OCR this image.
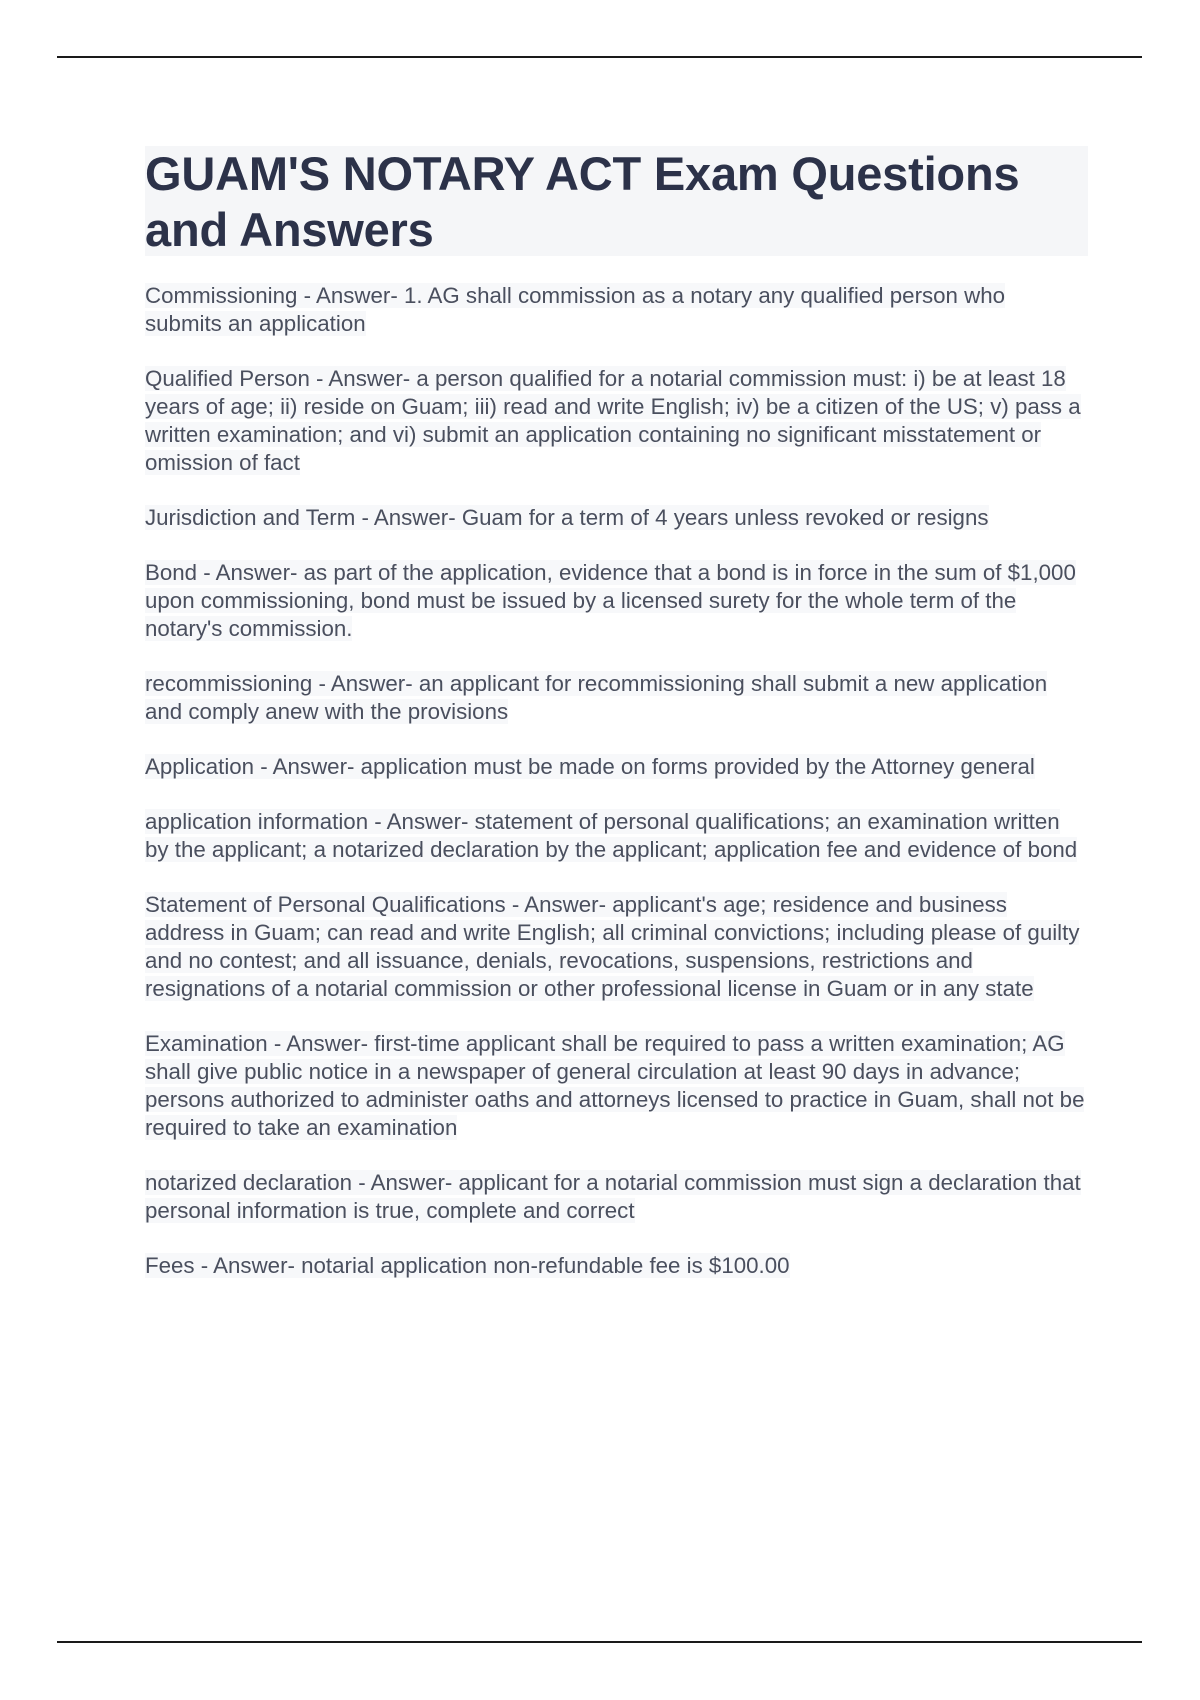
GUAM'S NOTARY ACT Exam Questions and Answers

Commissioning - Answer- 1. AG shall commission as a notary any qualified person who submits an application

Qualified Person - Answer- a person qualified for a notarial commission must: i) be at least 18 years of age; ii) reside on Guam; iii) read and write English; iv) be a citizen of the US; v) pass a written examination; and vi) submit an application containing no significant misstatement or omission of fact

Jurisdiction and Term - Answer- Guam for a term of 4 years unless revoked or resigns

Bond - Answer- as part of the application, evidence that a bond is in force in the sum of $1,000 upon commissioning, bond must be issued by a licensed surety for the whole term of the notary's commission.

recommissioning - Answer- an applicant for recommissioning shall submit a new application and comply anew with the provisions

Application - Answer- application must be made on forms provided by the Attorney general

application information - Answer- statement of personal qualifications; an examination written by the applicant; a notarized declaration by the applicant; application fee and evidence of bond

Statement of Personal Qualifications - Answer- applicant's age; residence and business address in Guam; can read and write English; all criminal convictions; including please of guilty and no contest; and all issuance, denials, revocations, suspensions, restrictions and resignations of a notarial commission or other professional license in Guam or in any state

Examination - Answer- first-time applicant shall be required to pass a written examination; AG shall give public notice in a newspaper of general circulation at least 90 days in advance; persons authorized to administer oaths and attorneys licensed to practice in Guam, shall not be required to take an examination

notarized declaration - Answer- applicant for a notarial commission must sign a declaration that personal information is true, complete and correct

Fees - Answer- notarial application non-refundable fee is $100.00
